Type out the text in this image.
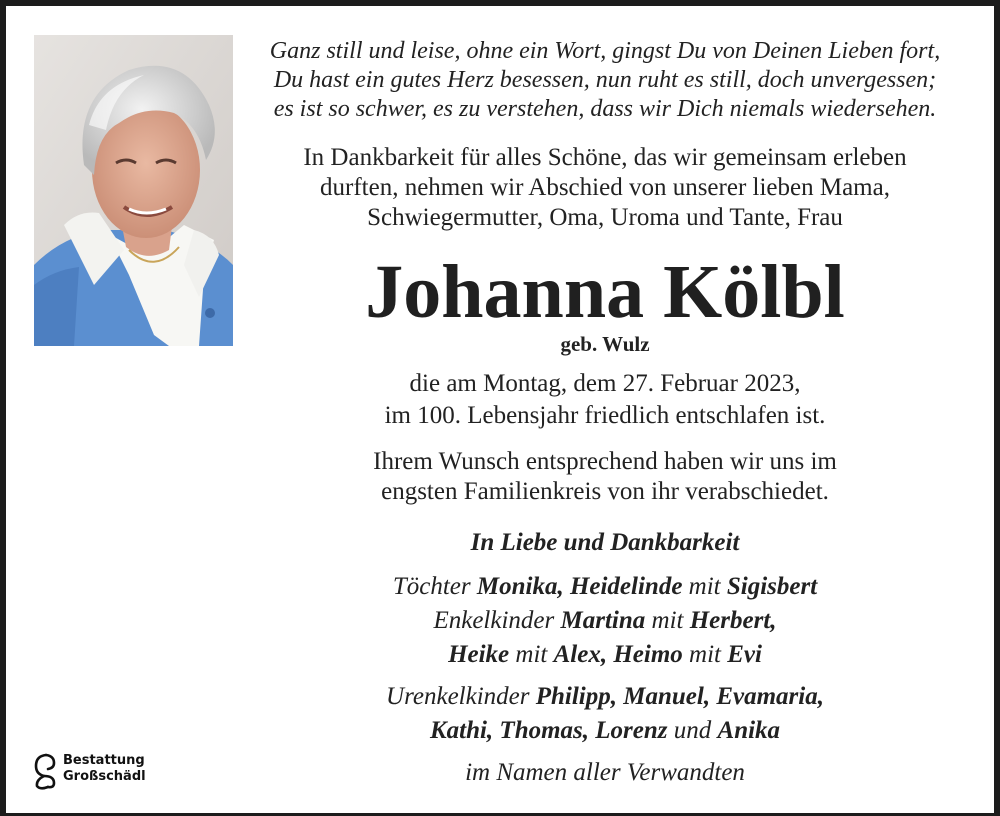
Ganz still und leise, ohne ein Wort, gingst Du von Deinen Lieben fort,
Du hast ein gutes Herz besessen, nun ruht es still, doch unvergessen;
es ist so schwer, es zu verstehen, dass wir Dich niemals wiedersehen.
In Dankbarkeit für alles Schöne, das wir gemeinsam erleben
durften, nehmen wir Abschied von unserer lieben Mama,
Schwiegermutter, Oma, Uroma und Tante, Frau
Johanna Kölbl
geb. Wulz
die am Montag, dem 27. Februar 2023,
im 100. Lebensjahr friedlich entschlafen ist.
Ihrem Wunsch entsprechend haben wir uns im
engsten Familienkreis von ihr verabschiedet.
In Liebe und Dankbarkeit
Töchter Monika, Heidelinde mit Sigisbert
Enkelkinder Martina mit Herbert,
Heike mit Alex, Heimo mit Evi
Urenkelkinder Philipp, Manuel, Evamaria,
Kathi, Thomas, Lorenz und Anika
im Namen aller Verwandten
Bestattung
Großschädl
